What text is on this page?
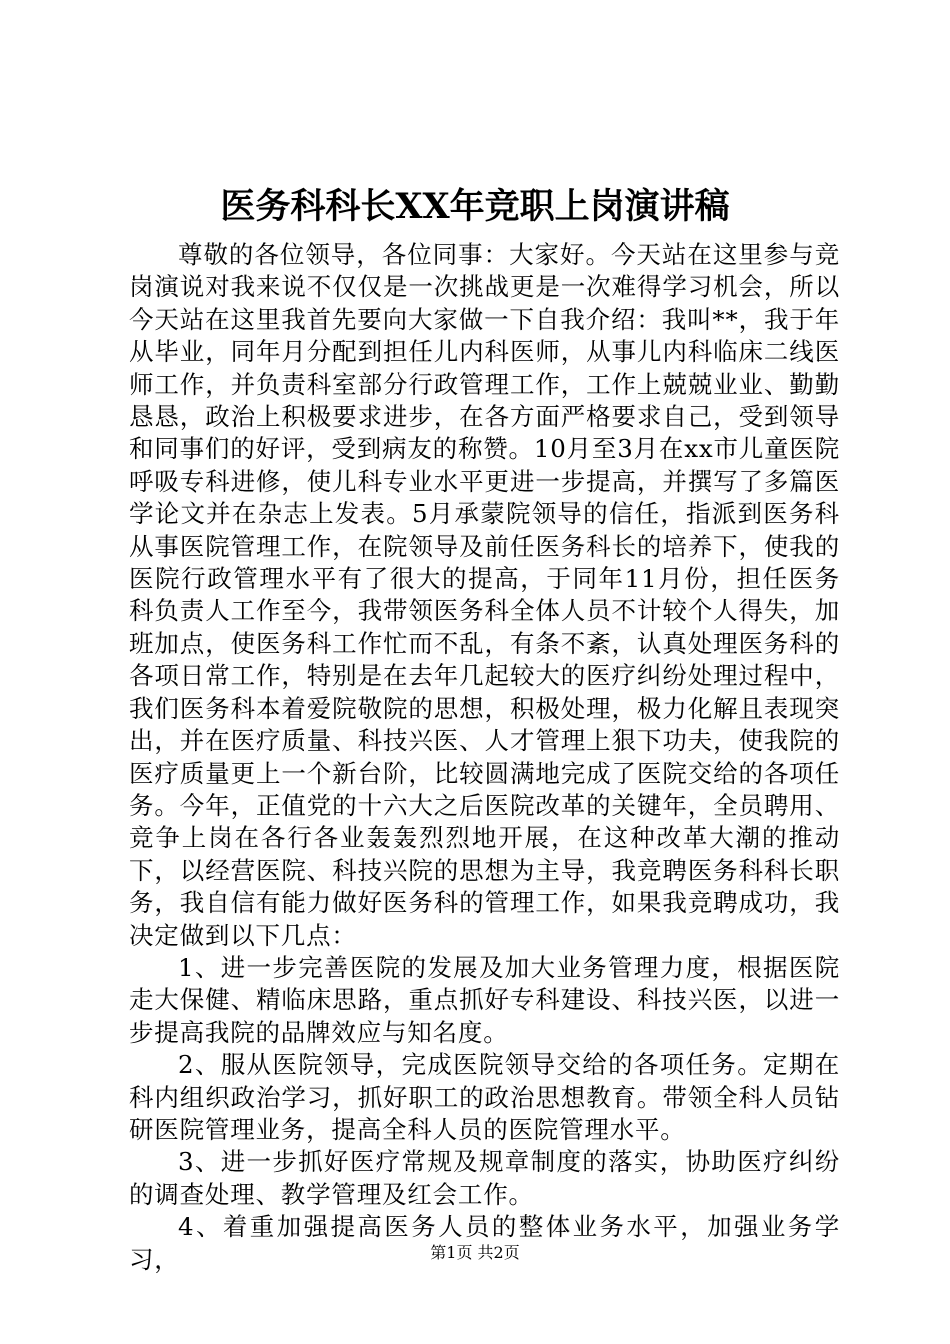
医务科科长XX年竞职上岗演讲稿

尊敬的各位领导，各位同事：大家好。今天站在这里参与竞岗演说对我来说不仅仅是一次挑战更是一次难得学习机会，所以今天站在这里我首先要向大家做一下自我介绍：我叫**，我于年从毕业，同年月分配到担任儿内科医师，从事儿内科临床二线医师工作，并负责科室部分行政管理工作，工作上兢兢业业、勤勤恳恳，政治上积极要求进步，在各方面严格要求自己，受到领导和同事们的好评，受到病友的称赞。10月至3月在xx市儿童医院呼吸专科进修，使儿科专业水平更进一步提高，并撰写了多篇医学论文并在杂志上发表。5月承蒙院领导的信任，指派到医务科从事医院管理工作，在院领导及前任医务科长的培养下，使我的医院行政管理水平有了很大的提高，于同年11月份，担任医务科负责人工作至今，我带领医务科全体人员不计较个人得失，加班加点，使医务科工作忙而不乱，有条不紊，认真处理医务科的各项日常工作，特别是在去年几起较大的医疗纠纷处理过程中，我们医务科本着爱院敬院的思想，积极处理，极力化解且表现突出，并在医疗质量、科技兴医、人才管理上狠下功夫，使我院的医疗质量更上一个新台阶，比较圆满地完成了医院交给的各项任务。今年，正值党的十六大之后医院改革的关键年，全员聘用、竞争上岗在各行各业轰轰烈烈地开展，在这种改革大潮的推动下，以经营医院、科技兴院的思想为主导，我竞聘医务科科长职务，我自信有能力做好医务科的管理工作，如果我竞聘成功，我决定做到以下几点：

1、进一步完善医院的发展及加大业务管理力度，根据医院走大保健、精临床思路，重点抓好专科建设、科技兴医，以进一步提高我院的品牌效应与知名度。

2、服从医院领导，完成医院领导交给的各项任务。定期在科内组织政治学习，抓好职工的政治思想教育。带领全科人员钻研医院管理业务，提高全科人员的医院管理水平。

3、进一步抓好医疗常规及规章制度的落实，协助医疗纠纷的调查处理、教学管理及红会工作。

4、着重加强提高医务人员的整体业务水平，加强业务学习，	第1页 共2页
